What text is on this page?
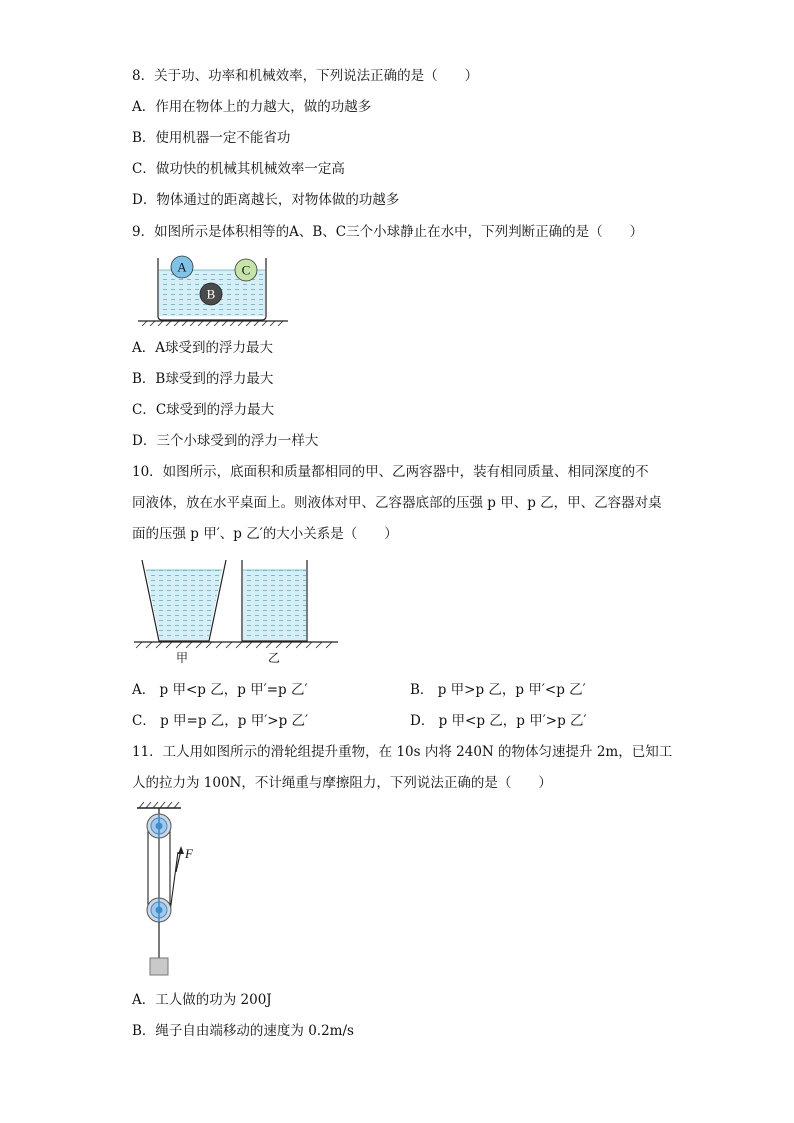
8．关于功、功率和机械效率，下列说法正确的是（　　）
A．作用在物体上的力越大，做的功越多
B．使用机器一定不能省功
C．做功快的机械其机械效率一定高
D．物体通过的距离越长，对物体做的功越多
9．如图所示是体积相等的A、B、C三个小球静止在水中，下列判断正确的是（　　）
A	C
B
A．A球受到的浮力最大
B．B球受到的浮力最大
C．C球受到的浮力最大
D．三个小球受到的浮力一样大
10．如图所示，底面积和质量都相同的甲、乙两容器中，装有相同质量、相同深度的不
同液体，放在水平桌面上。则液体对甲、乙容器底部的压强 p 甲、p 乙，甲、乙容器对桌
面的压强 p 甲′、p 乙′的大小关系是（　　）
甲	乙
A． p 甲<p 乙，p 甲′=p 乙′	B． p 甲>p 乙，p 甲′<p 乙′
C． p 甲=p 乙，p 甲′>p 乙′	D． p 甲<p 乙，p 甲′>p 乙′
11．工人用如图所示的滑轮组提升重物，在 10s 内将 240N 的物体匀速提升 2m，已知工
人的拉力为 100N，不计绳重与摩擦阻力，下列说法正确的是（　　）
F
A．工人做的功为 200J
B．绳子自由端移动的速度为 0.2m/s
